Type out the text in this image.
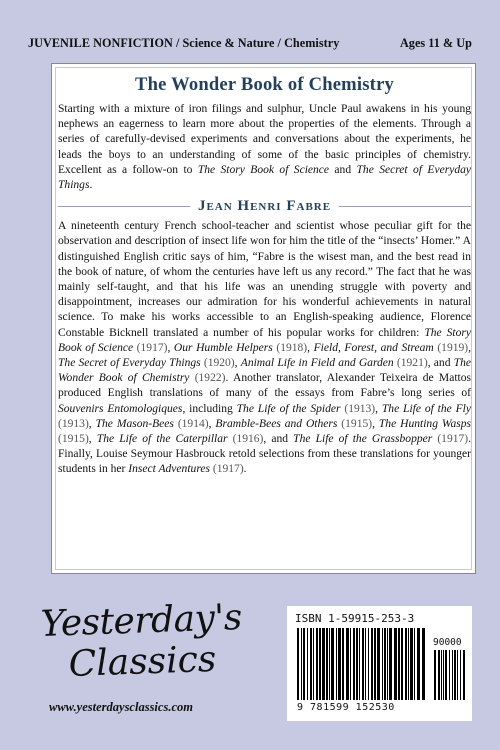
JUVENILE NONFICTION / Science & Nature / Chemistry	Ages 11 & Up
The Wonder Book of Chemistry

Starting with a mixture of iron filings and sulphur, Uncle Paul awakens in his young nephews an eagerness to learn more about the properties of the elements. Through a series of carefully-devised experiments and conversations about the experiments, he leads the boys to an understanding of some of the basic principles of chemistry. Excellent as a follow-on to The Story Book of Science and The Secret of Everyday Things.

Jean Henri Fabre

A nineteenth century French school-teacher and scientist whose peculiar gift for the observation and description of insect life won for him the title of the “insects’ Homer.” A distinguished English critic says of him, “Fabre is the wisest man, and the best read in the book of nature, of whom the centuries have left us any record.” The fact that he was mainly self-taught, and that his life was an unending struggle with poverty and disappointment, increases our admiration for his wonderful achievements in natural science. To make his works accessible to an English-speaking audience, Florence Constable Bicknell translated a number of his popular works for children: The Story Book of Science (1917), Our Humble Helpers (1918), Field, Forest, and Stream (1919), The Secret of Everyday Things (1920), Animal Life in Field and Garden (1921), and The Wonder Book of Chemistry (1922). Another translator, Alexander Teixeira de Mattos produced English translations of many of the essays from Fabre’s long series of Souvenirs Entomologiques, including The Life of the Spider (1913), The Life of the Fly (1913), The Mason-Bees (1914), Bramble-Bees and Others (1915), The Hunting Wasps (1915), The Life of the Caterpillar (1916), and The Life of the Grassbopper (1917). Finally, Louise Seymour Hasbrouck retold selections from these translations for younger students in her Insect Adventures (1917).

Yesterday's
Classics
www.yesterdaysclassics.com
ISBN 1-59915-253-3
9 781599 152530
90000
